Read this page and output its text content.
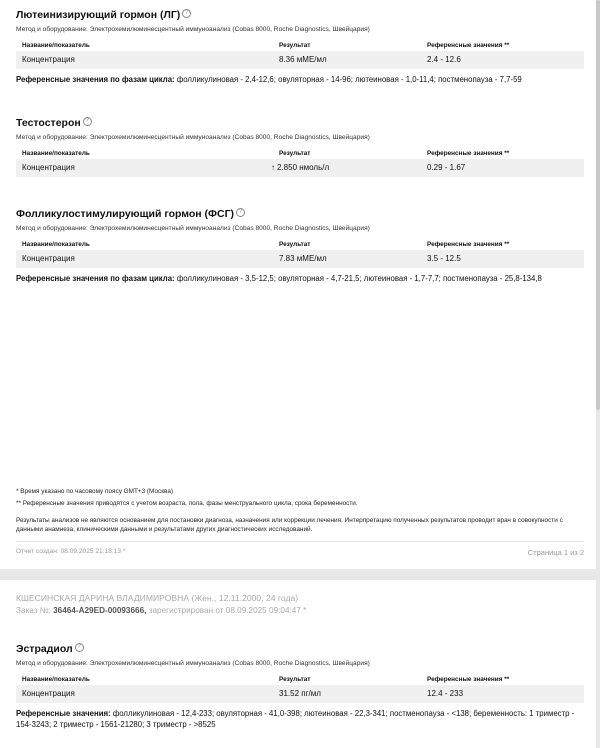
Лютеинизирующий гормон (ЛГ) ?
Метод и оборудование: Электрохемилюминесцентный иммуноанализ (Cobas 8000, Roche Diagnostics, Швейцария)
Название/показатель	Результат	Референсные значения **
Концентрация	8.36 мМЕ/мл	2.4 - 12.6
Референсные значения по фазам цикла: фолликулиновая - 2,4-12,6; овуляторная - 14-96; лютеиновая - 1,0-11,4; постменопауза - 7,7-59
Тестостерон ?
Метод и оборудование: Электрохемилюминесцентный иммуноанализ (Cobas 8000, Roche Diagnostics, Швейцария)
Название/показатель	Результат	Референсные значения **
Концентрация	↑ 2.850 нмоль/л	0.29 - 1.67
Фолликулостимулирующий гормон (ФСГ) ?
Метод и оборудование: Электрохемилюминесцентный иммуноанализ (Cobas 8000, Roche Diagnostics, Швейцария)
Название/показатель	Результат	Референсные значения **
Концентрация	7.83 мМЕ/мл	3.5 - 12.5
Референсные значения по фазам цикла: фолликулиновая - 3,5-12,5; овуляторная - 4,7-21,5; лютеиновая - 1,7-7,7; постменопауза - 25,8-134,8
* Время указано по часовому поясу GMT+3 (Москва)
** Референсные значения приводятся с учетом возраста, пола, фазы менструального цикла, срока беременности.
Результаты анализов не являются основанием для постановки диагноза, назначения или коррекции лечения. Интерпретацию полученных результатов проводит врач в совокупности с данными анамнеза, клиническими данными и результатами других диагностических исследований.
Отчет создан: 08.09.2025 21:18:13 *	Страница 1 из 2
КШЕСИНСКАЯ ДАРИНА ВЛАДИМИРОВНА (Жен., 12.11.2000, 24 года)
Заказ №: 36464-A29ED-00093666, зарегистрирован от 08.09.2025 09:04:47 *
Эстрадиол ?
Метод и оборудование: Электрохемилюминесцентный иммуноанализ (Cobas 8000, Roche Diagnostics, Швейцария)
Название/показатель	Результат	Референсные значения **
Концентрация	31.52 пг/мл	12.4 - 233
Референсные значения: фолликулиновая - 12,4-233; овуляторная - 41,0-398; лютеиновая - 22,3-341; постменопауза - <138; беременность: 1 триместр - 154-3243; 2 триместр - 1561-21280; 3 триместр - >8525
